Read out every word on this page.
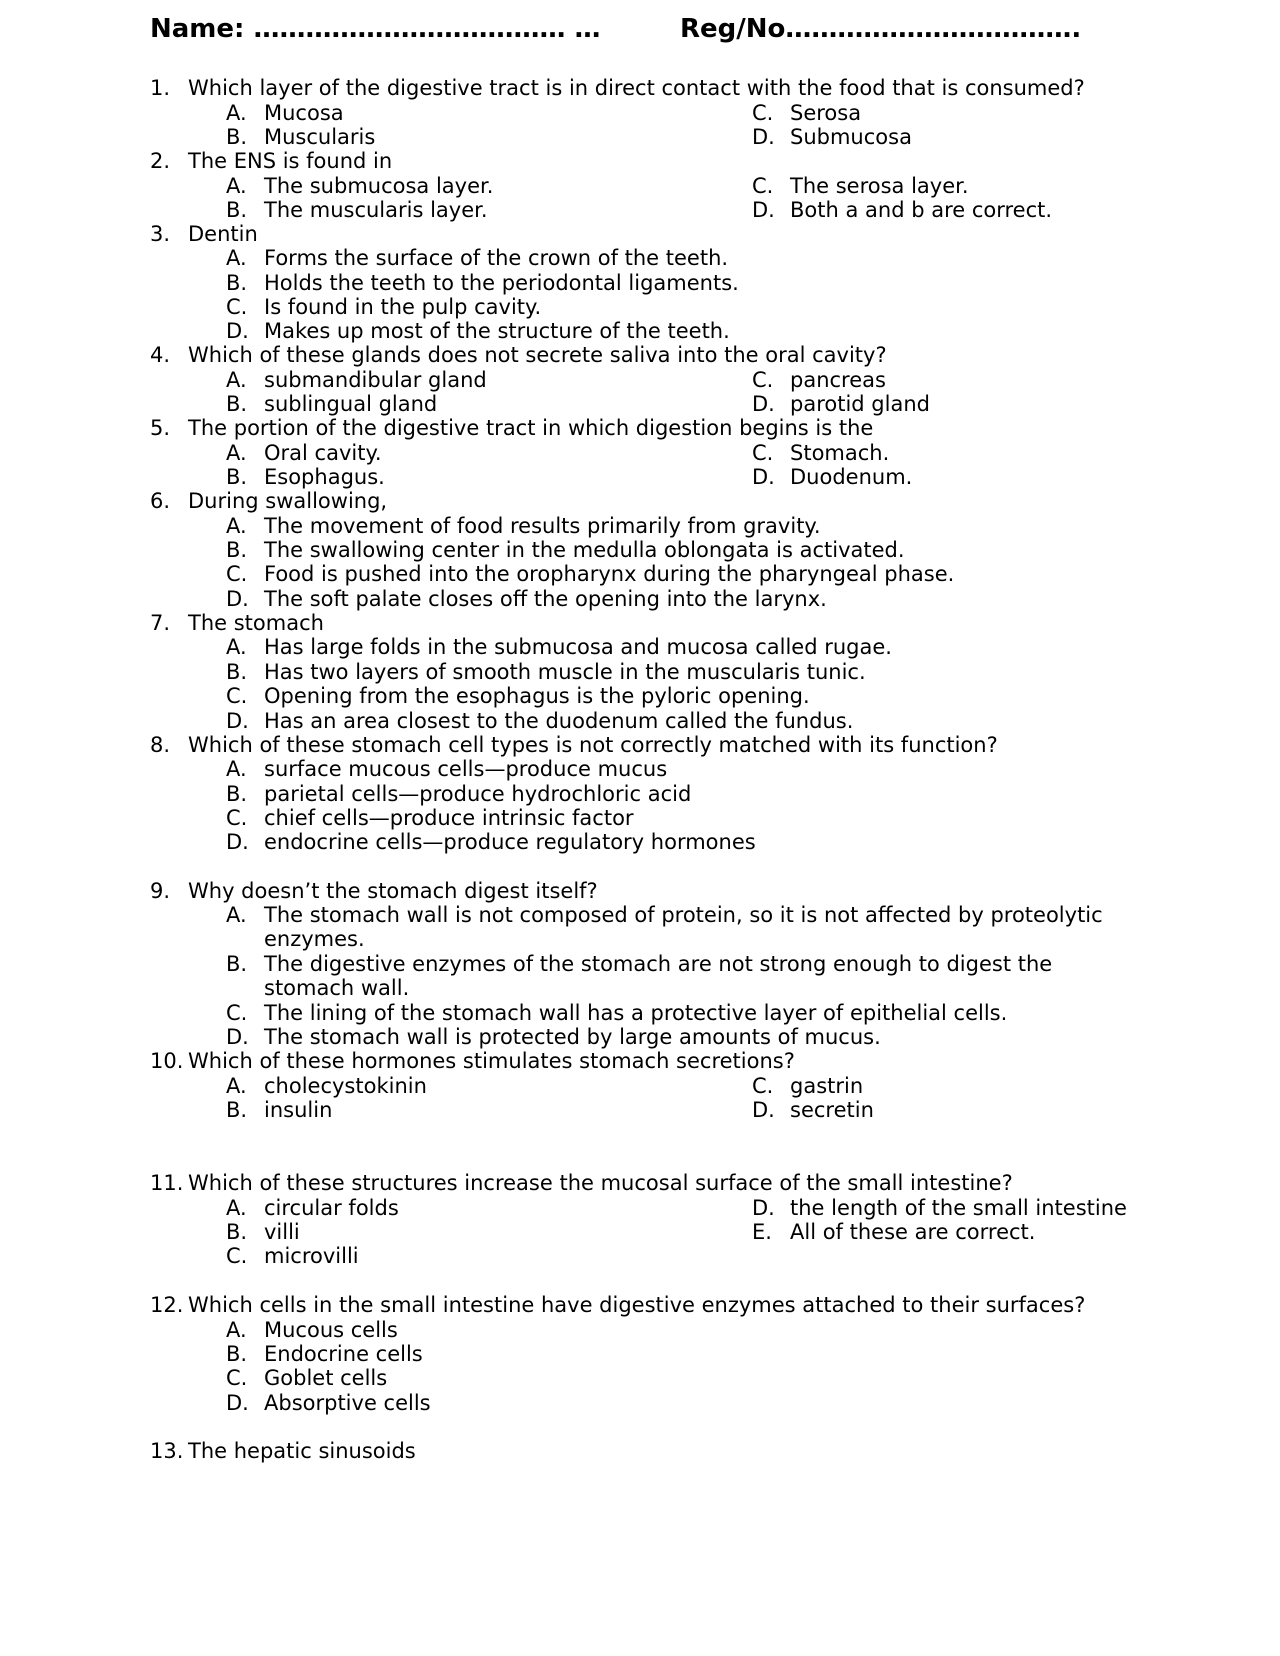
Name: ……………………………… …	Reg/No…………………………….
1. Which layer of the digestive tract is in direct contact with the food that is consumed?
A. Mucosa
B. Muscularis
C. Serosa
D. Submucosa
2. The ENS is found in
A. The submucosa layer.
B. The muscularis layer.
C. The serosa layer.
D. Both a and b are correct.
3. Dentin
A. Forms the surface of the crown of the teeth.
B. Holds the teeth to the periodontal ligaments.
C. Is found in the pulp cavity.
D. Makes up most of the structure of the teeth.
4. Which of these glands does not secrete saliva into the oral cavity?
A. submandibular gland
B. sublingual gland
C. pancreas
D. parotid gland
5. The portion of the digestive tract in which digestion begins is the
A. Oral cavity.
B. Esophagus.
C. Stomach.
D. Duodenum.
6. During swallowing,
A. The movement of food results primarily from gravity.
B. The swallowing center in the medulla oblongata is activated.
C. Food is pushed into the oropharynx during the pharyngeal phase.
D. The soft palate closes off the opening into the larynx.
7. The stomach
A. Has large folds in the submucosa and mucosa called rugae.
B. Has two layers of smooth muscle in the muscularis tunic.
C. Opening from the esophagus is the pyloric opening.
D. Has an area closest to the duodenum called the fundus.
8. Which of these stomach cell types is not correctly matched with its function?
A. surface mucous cells—produce mucus
B. parietal cells—produce hydrochloric acid
C. chief cells—produce intrinsic factor
D. endocrine cells—produce regulatory hormones
9. Why doesn’t the stomach digest itself?
A. The stomach wall is not composed of protein, so it is not affected by proteolytic enzymes.
B. The digestive enzymes of the stomach are not strong enough to digest the stomach wall.
C. The lining of the stomach wall has a protective layer of epithelial cells.
D. The stomach wall is protected by large amounts of mucus.
10. Which of these hormones stimulates stomach secretions?
A. cholecystokinin
B. insulin
C. gastrin
D. secretin
11. Which of these structures increase the mucosal surface of the small intestine?
A. circular folds
B. villi
C. microvilli
D. the length of the small intestine
E. All of these are correct.
12. Which cells in the small intestine have digestive enzymes attached to their surfaces?
A. Mucous cells
B. Endocrine cells
C. Goblet cells
D. Absorptive cells
13. The hepatic sinusoids
